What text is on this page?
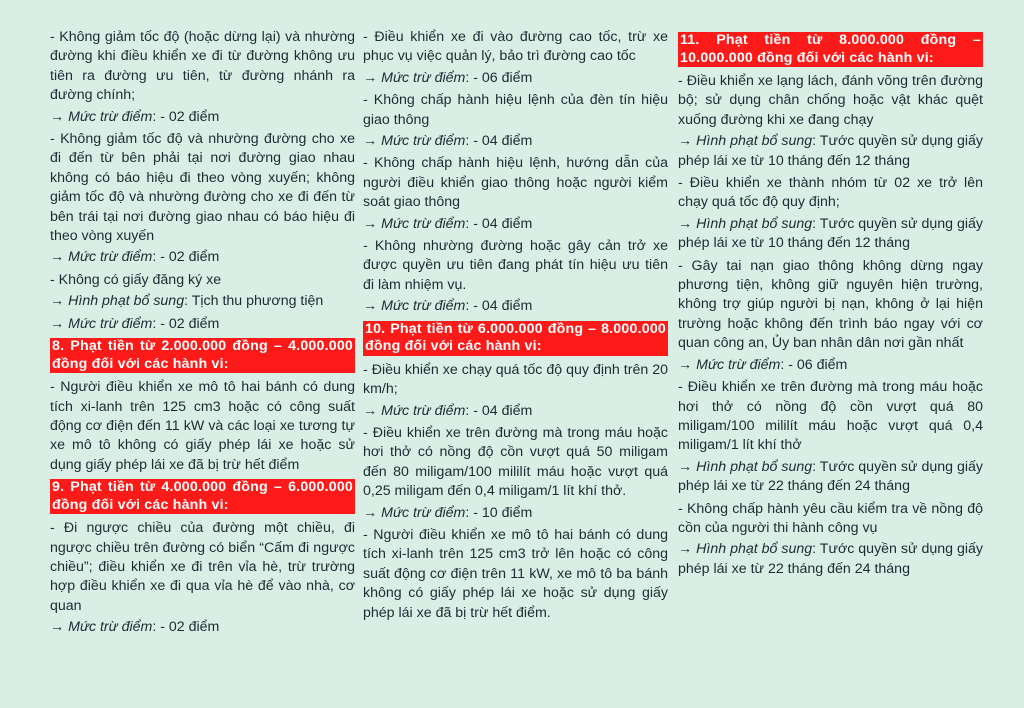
- Không giảm tốc độ (hoặc dừng lại) và nhường đường khi điều khiển xe đi từ đường không ưu tiên ra đường ưu tiên, từ đường nhánh ra đường chính;

→ Mức trừ điểm: - 02 điểm

- Không giảm tốc độ và nhường đường cho xe đi đến từ bên phải tại nơi đường giao nhau không có báo hiệu đi theo vòng xuyến; không giảm tốc độ và nhường đường cho xe đi đến từ bên trái tại nơi đường giao nhau có báo hiệu đi theo vòng xuyến

→ Mức trừ điểm: - 02 điểm

- Không có giấy đăng ký xe

→ Hình phạt bổ sung: Tịch thu phương tiện

→ Mức trừ điểm: - 02 điểm

8. Phạt tiền từ 2.000.000 đồng – 4.000.000 đồng đối với các hành vi:

- Người điều khiển xe mô tô hai bánh có dung tích xi-lanh trên 125 cm3 hoặc có công suất động cơ điện đến 11 kW và các loại xe tương tự xe mô tô không có giấy phép lái xe hoặc sử dụng giấy phép lái xe đã bị trừ hết điểm

9. Phạt tiền từ 4.000.000 đồng – 6.000.000 đồng đối với các hành vi:

- Đi ngược chiều của đường một chiều, đi ngược chiều trên đường có biển “Cấm đi ngược chiều”; điều khiển xe đi trên vỉa hè, trừ trường hợp điều khiển xe đi qua vỉa hè để vào nhà, cơ quan

→ Mức trừ điểm: - 02 điểm

- Điều khiển xe đi vào đường cao tốc, trừ xe phục vụ việc quản lý, bảo trì đường cao tốc

→ Mức trừ điểm: - 06 điểm

- Không chấp hành hiệu lệnh của đèn tín hiệu giao thông

→ Mức trừ điểm: - 04 điểm

- Không chấp hành hiệu lệnh, hướng dẫn của người điều khiển giao thông hoặc người kiểm soát giao thông

→ Mức trừ điểm: - 04 điểm

- Không nhường đường hoặc gây cản trở xe được quyền ưu tiên đang phát tín hiệu ưu tiên đi làm nhiệm vụ.

→ Mức trừ điểm: - 04 điểm

10. Phạt tiền từ 6.000.000 đồng – 8.000.000 đồng đối với các hành vi:

- Điều khiển xe chạy quá tốc độ quy định trên 20 km/h;

→ Mức trừ điểm: - 04 điểm

- Điều khiển xe trên đường mà trong máu hoặc hơi thở có nồng độ cồn vượt quá 50 miligam đến 80 miligam/100 mililít máu hoặc vượt quá 0,25 miligam đến 0,4 miligam/1 lít khí thở.

→ Mức trừ điểm: - 10 điểm

- Người điều khiển xe mô tô hai bánh có dung tích xi-lanh trên 125 cm3 trở lên hoặc có công suất động cơ điện trên 11 kW, xe mô tô ba bánh không có giấy phép lái xe hoặc sử dụng giấy phép lái xe đã bị trừ hết điểm.

11. Phạt tiền từ 8.000.000 đồng – 10.000.000 đồng đối với các hành vi:

- Điều khiển xe lạng lách, đánh võng trên đường bộ; sử dụng chân chống hoặc vật khác quệt xuống đường khi xe đang chạy

→ Hình phạt bổ sung: Tước quyền sử dụng giấy phép lái xe từ 10 tháng đến 12 tháng

- Điều khiển xe thành nhóm từ 02 xe trở lên chạy quá tốc độ quy định;

→ Hình phạt bổ sung: Tước quyền sử dụng giấy phép lái xe từ 10 tháng đến 12 tháng

- Gây tai nạn giao thông không dừng ngay phương tiện, không giữ nguyên hiện trường, không trợ giúp người bị nạn, không ở lại hiện trường hoặc không đến trình báo ngay với cơ quan công an, Ủy ban nhân dân nơi gần nhất

→ Mức trừ điểm: - 06 điểm

- Điều khiển xe trên đường mà trong máu hoặc hơi thở có nồng độ cồn vượt quá 80 miligam/100 mililít máu hoặc vượt quá 0,4 miligam/1 lít khí thở

→ Hình phạt bổ sung: Tước quyền sử dụng giấy phép lái xe từ 22 tháng đến 24 tháng

- Không chấp hành yêu cầu kiểm tra về nồng độ cồn của người thi hành công vụ

→ Hình phạt bổ sung: Tước quyền sử dụng giấy phép lái xe từ 22 tháng đến 24 tháng
